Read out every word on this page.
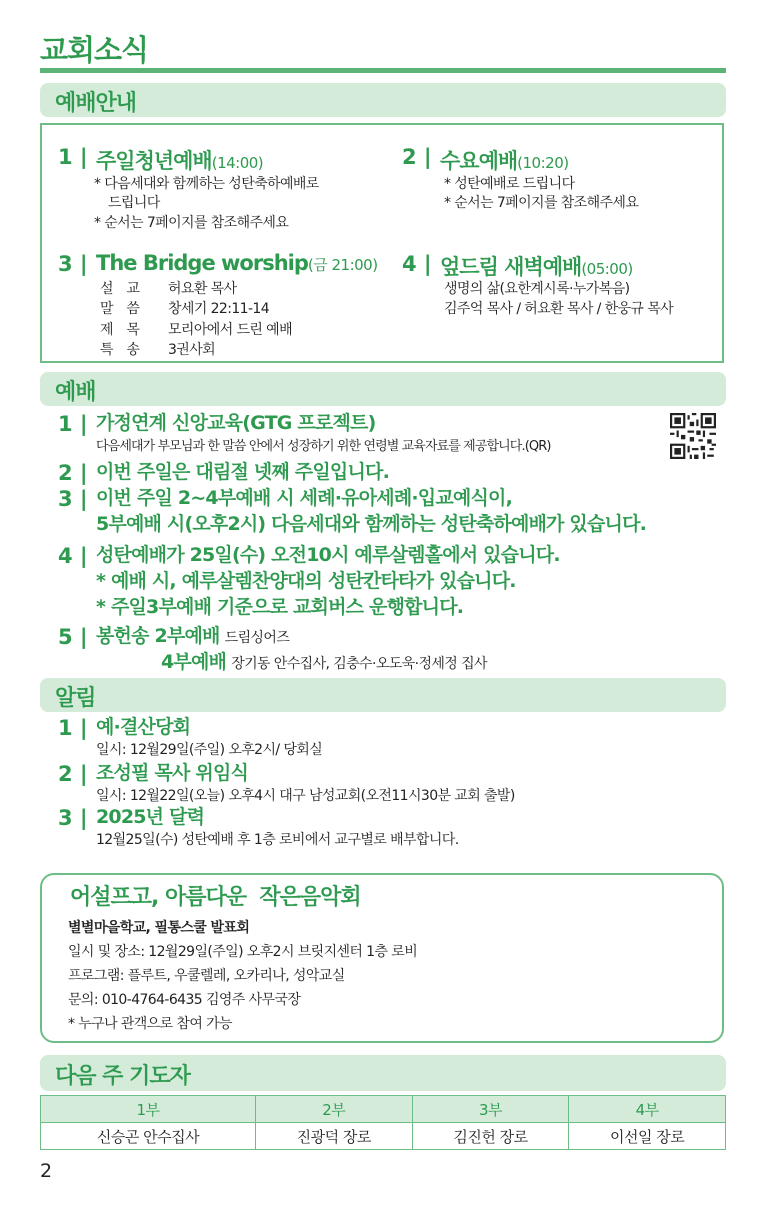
교회소식
예배안내
1 | 주일청년예배(14:00)
* 다음세대와 함께하는 성탄축하예배로
드립니다
* 순서는 7페이지를 참조해주세요
2 | 수요예배(10:20)
* 성탄예배로 드립니다
* 순서는 7페이지를 참조해주세요
3 | The Bridge worship(금 21:00)
설　교 허요환 목사
말　씀 창세기 22:11-14
제　목 모리아에서 드린 예배
특　송 3권사회
4 | 엎드림 새벽예배(05:00)
생명의 삶(요한계시록·누가복음)
김주억 목사 / 허요환 목사 / 한웅규 목사
예배
1 | 가정연계 신앙교육(GTG 프로젝트)
다음세대가 부모님과 한 말씀 안에서 성장하기 위한 연령별 교육자료를 제공합니다.(QR)
2 | 이번 주일은 대림절 넷째 주일입니다.
3 | 이번 주일 2~4부예배 시 세례·유아세례·입교예식이,
5부예배 시(오후2시) 다음세대와 함께하는 성탄축하예배가 있습니다.
4 | 성탄예배가 25일(수) 오전10시 예루살렘홀에서 있습니다.
* 예배 시, 예루살렘찬양대의 성탄칸타타가 있습니다.
* 주일3부예배 기준으로 교회버스 운행합니다.
5 | 봉헌송 2부예배 드림싱어즈
4부예배 장기동 안수집사, 김충수·오도욱·정세정 집사
알림
1 | 예·결산당회
일시: 12월29일(주일) 오후2시/ 당회실
2 | 조성필 목사 위임식
일시: 12월22일(오늘) 오후4시 대구 남성교회(오전11시30분 교회 출발)
3 | 2025년 달력
12월25일(수) 성탄예배 후 1층 로비에서 교구별로 배부합니다.
어설프고, 아름다운  작은음악회
별별마을학교, 필통스쿨 발표회
일시 및 장소: 12월29일(주일) 오후2시 브릿지센터 1층 로비
프로그램: 플루트, 우쿨렐레, 오카리나, 성악교실
문의: 010-4764-6435 김영주 사무국장
* 누구나 관객으로 참여 가능
다음 주 기도자
1부	2부	3부	4부
신승곤 안수집사	진광덕 장로	김진헌 장로	이선일 장로
2
